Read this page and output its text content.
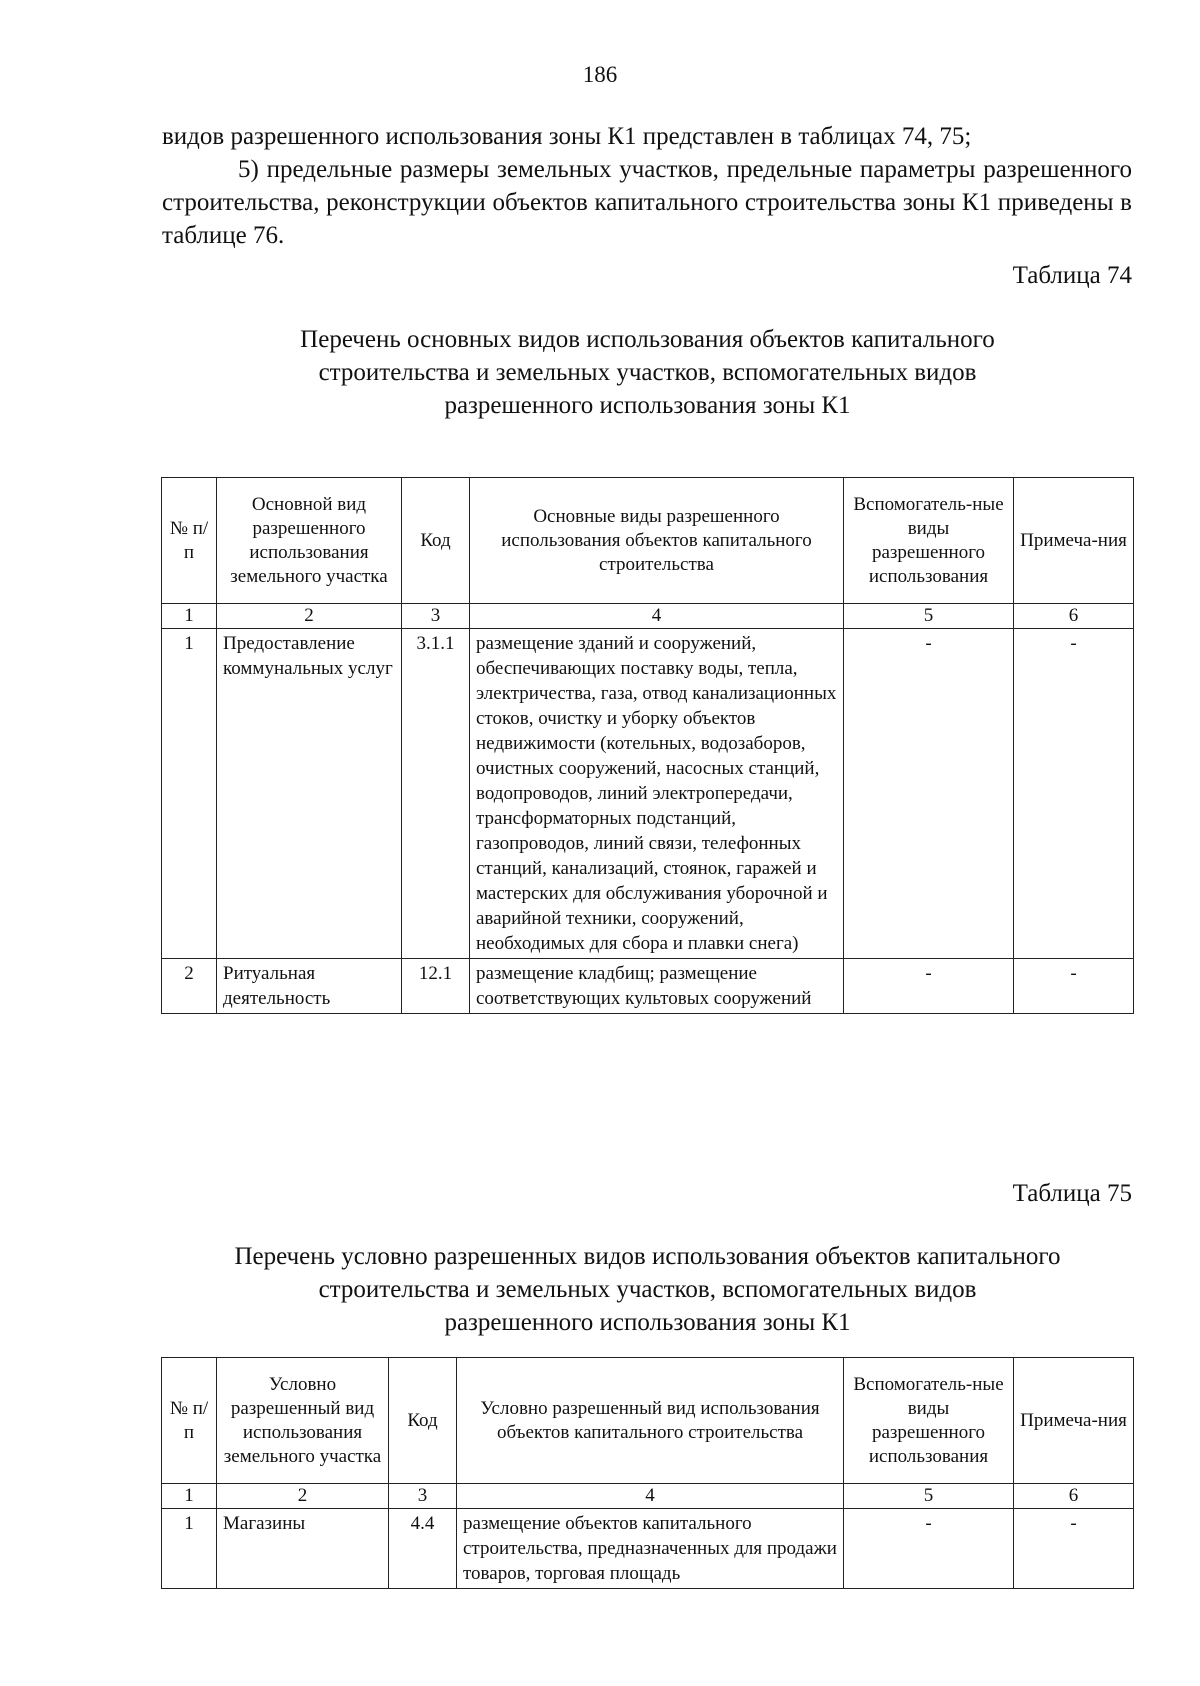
186

видов разрешенного использования зоны К1 представлен в таблицах 74, 75;

5) предельные размеры земельных участков, предельные параметры разрешенного строительства, реконструкции объектов капитального строительства зоны К1 приведены в таблице 76.

Таблица 74
Перечень основных видов использования объектов капитального
строительства и земельных участков, вспомогательных видов
разрешенного использования зоны К1
№ п/п	Основной вид разрешенного использования земельного участка	Код	Основные виды разрешенного использования объектов капитального строительства	Вспомогатель-ные виды разрешенного использования	Примеча-ния
1	2	3	4	5	6
1	Предоставление коммунальных услуг	3.1.1	размещение зданий и сооружений, обеспечивающих поставку воды, тепла, электричества, газа, отвод канализационных стоков, очистку и уборку объектов недвижимости (котельных, водозаборов, очистных сооружений, насосных станций, водопроводов, линий электропередачи, трансформаторных подстанций, газопроводов, линий связи, телефонных станций, канализаций, стоянок, гаражей и мастерских для обслуживания уборочной и аварийной техники, сооружений, необходимых для сбора и плавки снега)	-	-
2	Ритуальная деятельность	12.1	размещение кладбищ; размещение соответствующих культовых сооружений	-	-
Таблица 75
Перечень условно разрешенных видов использования объектов капитального
строительства и земельных участков, вспомогательных видов
разрешенного использования зоны К1
№ п/п	Условно разрешенный вид использования земельного участка	Код	Условно разрешенный вид использования объектов капитального строительства	Вспомогатель-ные виды разрешенного использования	Примеча-ния
1	2	3	4	5	6
1	Магазины	4.4	размещение объектов капитального строительства, предназначенных для продажи товаров, торговая площадь	-	-
